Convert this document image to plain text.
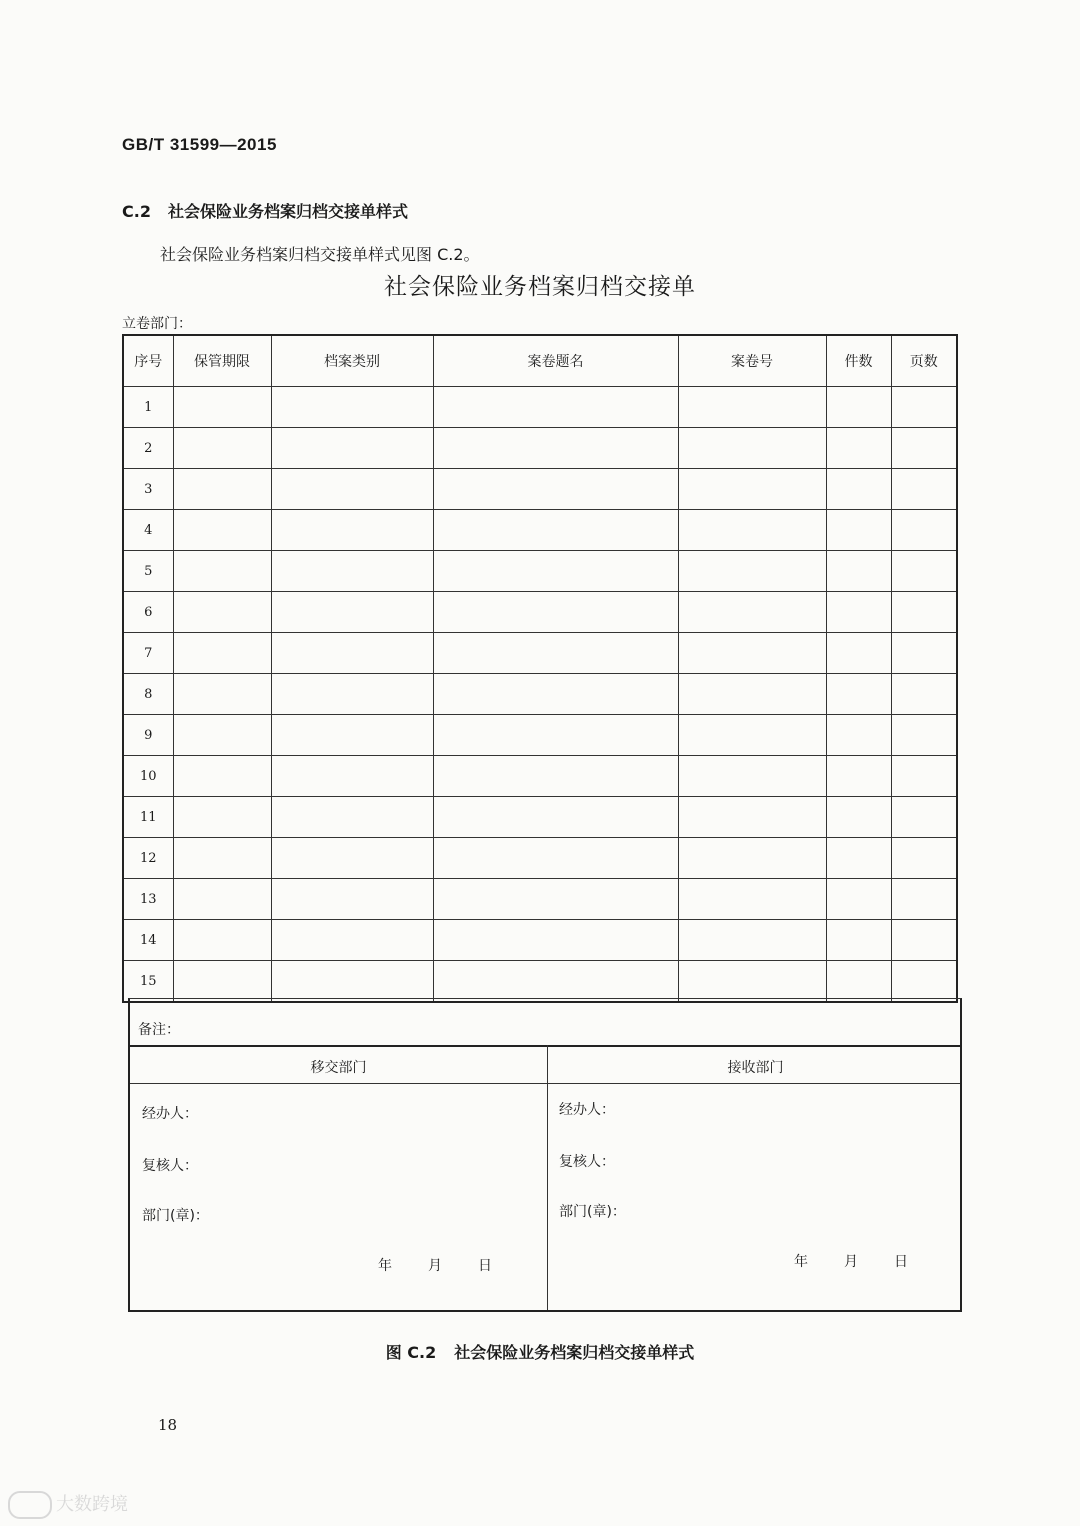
GB/T 31599—2015
C.2 社会保险业务档案归档交接单样式
社会保险业务档案归档交接单样式见图 C.2。
社会保险业务档案归档交接单
立卷部门：
序号	保管期限	档案类别	案卷题名	案卷号	件数	页数
1						
2						
3						
4						
5						
6						
7						
8						
9						
10						
11						
12						
13						
14						
15						
备注：
移交部门	接收部门
经办人：
复核人：
部门(章)：
年	月	日
经办人：
复核人：
部门(章)：
年	月	日
图 C.2 社会保险业务档案归档交接单样式
18
大数跨境
